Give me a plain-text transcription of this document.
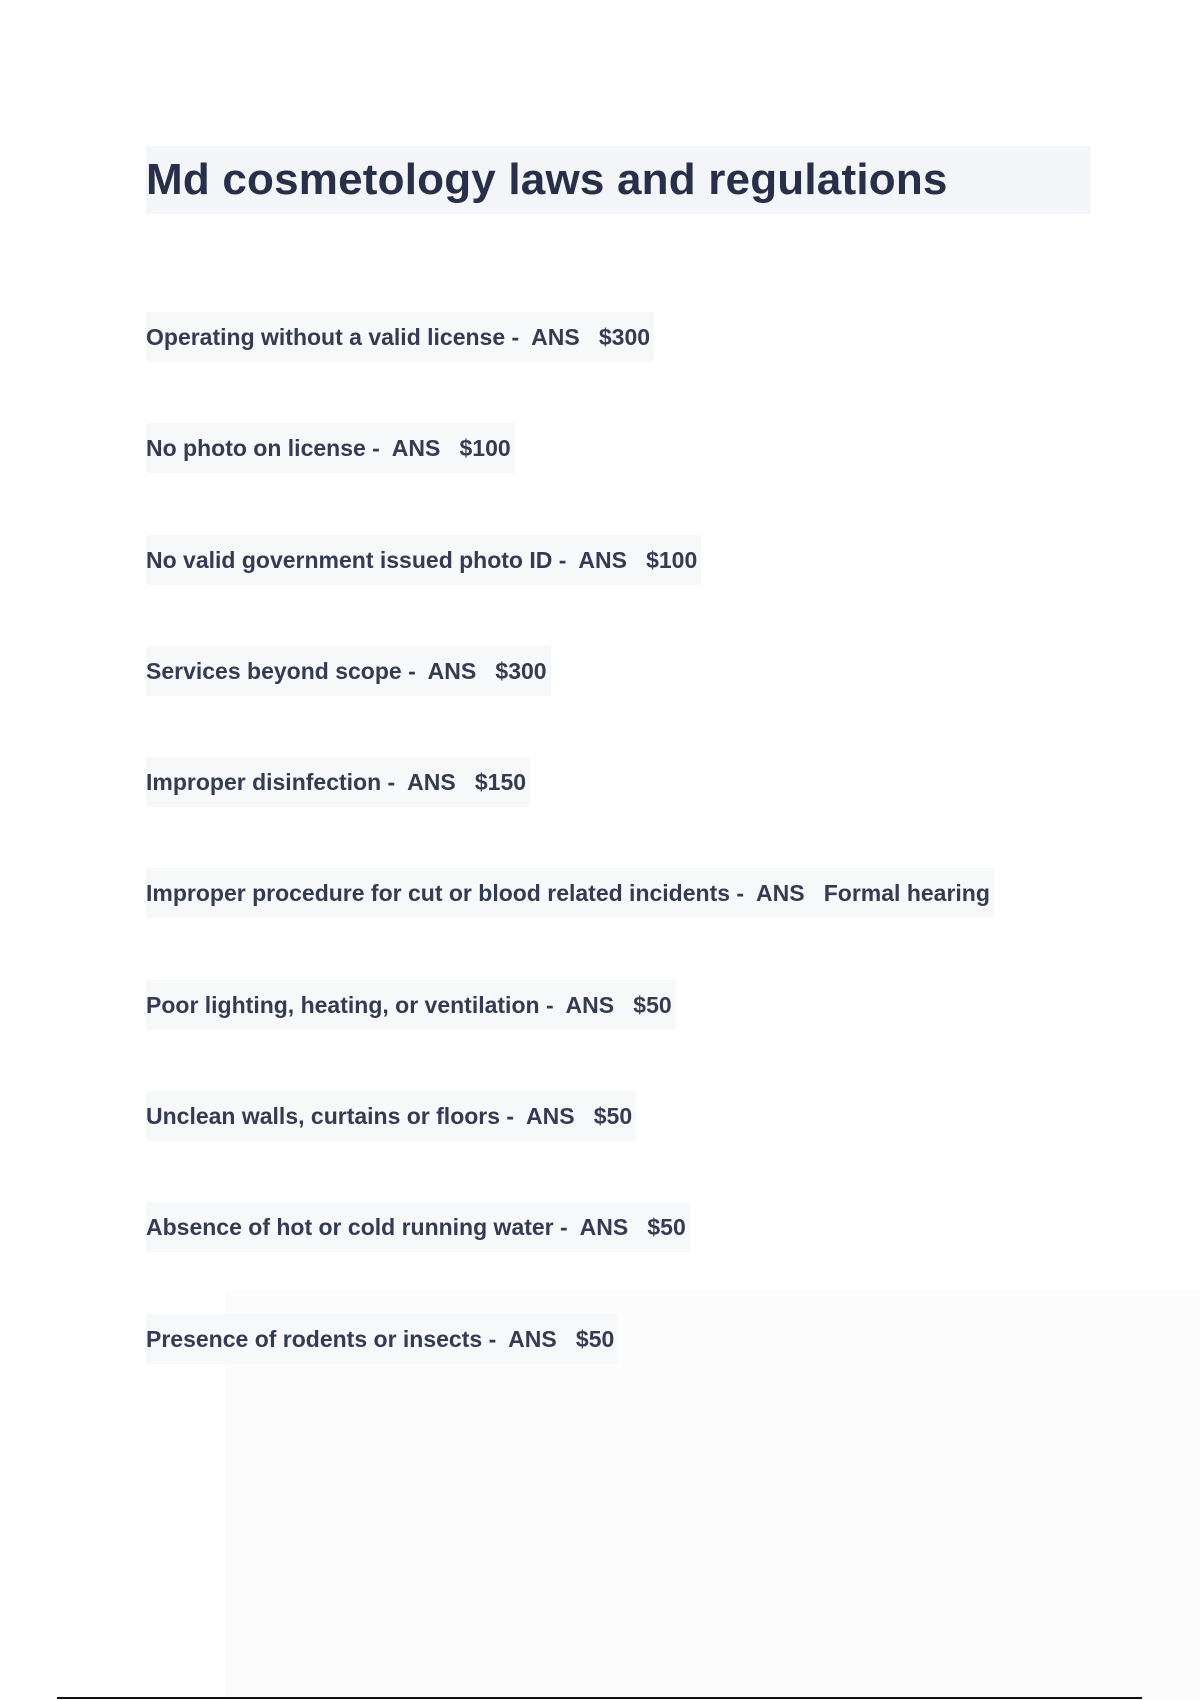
Md cosmetology laws and regulations
Operating without a valid license -  ANS $300
No photo on license -  ANS $100
No valid government issued photo ID -  ANS $100
Services beyond scope -  ANS $300
Improper disinfection -  ANS $150
Improper procedure for cut or blood related incidents -  ANS Formal hearing
Poor lighting, heating, or ventilation -  ANS $50
Unclean walls, curtains or floors -  ANS $50
Absence of hot or cold running water -  ANS $50
Presence of rodents or insects -  ANS $50
